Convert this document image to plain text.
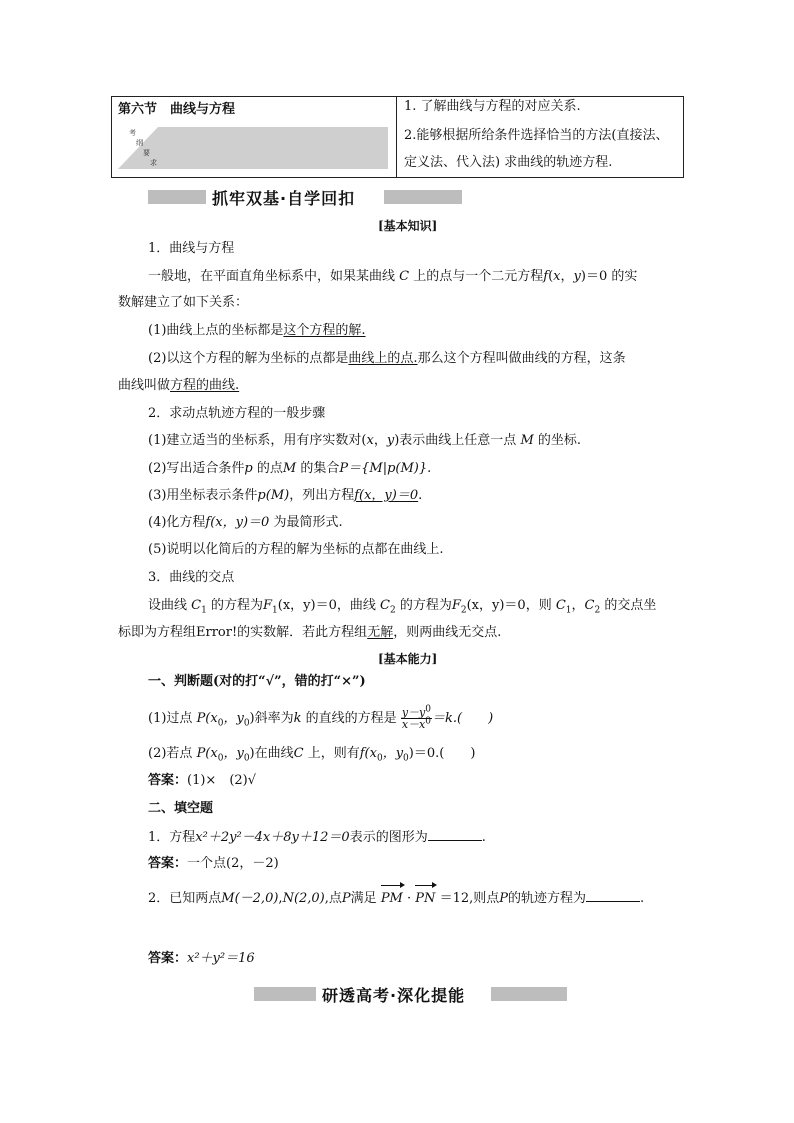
第六节　曲线与方程
考
纲
要
求
1. 了解曲线与方程的对应关系.
2.能够根据所给条件选择恰当的方法(直接法、
定义法、代入法) 求曲线的轨迹方程.
抓牢双基·自学回扣
[基本知识]
1．曲线与方程
一般地，在平面直角坐标系中，如果某曲线 C 上的点与一个二元方程f(x，y)＝0 的实
数解建立了如下关系：
(1)曲线上点的坐标都是这个方程的解.
(2)以这个方程的解为坐标的点都是曲线上的点.那么这个方程叫做曲线的方程，这条
曲线叫做方程的曲线.
2．求动点轨迹方程的一般步骤
(1)建立适当的坐标系，用有序实数对(x，y)表示曲线上任意一点 M 的坐标.
(2)写出适合条件p 的点M 的集合P＝{M|p(M)}.
(3)用坐标表示条件p(M)，列出方程f(x，y)＝0.
(4)化方程f(x，y)＝0 为最简形式.
(5)说明以化简后的方程的解为坐标的点都在曲线上.
3．曲线的交点
设曲线 $C_1$ 的方程为$F_1(x$，y)＝0，曲线 $C_2$ 的方程为$F_2(x$，y)＝0，则 $C_1$，$C_2$ 的交点坐
标即为方程组Error!的实数解．若此方程组无解，则两曲线无交点.
[基本能力]
一、判断题(对的打“√”，错的打“×”)
(1)过点 $P(x_0$，$y_0$)斜率为k 的直线的方程是 $\frac{y-y^0}{x-x^0} =k$.(　　)
(2)若点 $P(x_0$，$y_0$)在曲线C 上，则有$f(x_0$，$y_0)=0$.(　　)
答案：(1)×　(2)√
二、填空题
1．方程x²＋2y²－4x＋8y＋12＝0表示的图形为	.
答案：一个点(2，－2)
2．已知两点M(－2,0),N(2,0),点P满足 PM · PN ＝12,则点P的轨迹方程为	.
答案：x²＋y²＝16
研透高考·深化提能
